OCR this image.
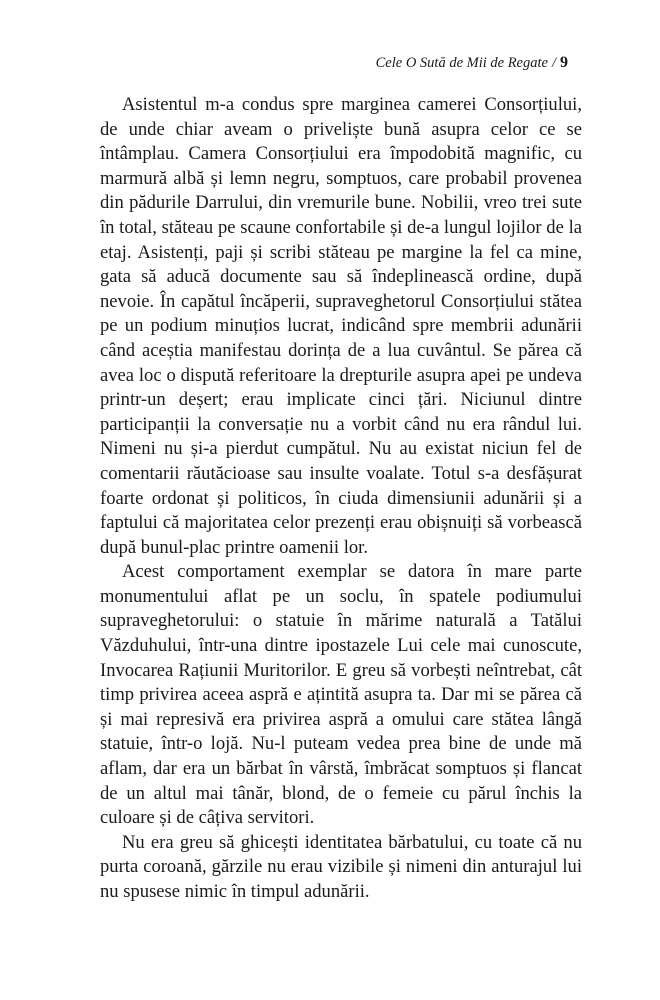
Cele O Sută de Mii de Regate / 9

Asistentul m-a condus spre marginea camerei Consorțiului, de unde chiar aveam o priveliște bună asupra celor ce se întâmplau. Camera Consorțiului era împodobită magnific, cu marmură albă și lemn negru, somptuos, care probabil provenea din pădurile Darrului, din vremurile bune. Nobilii, vreo trei sute în total, stăteau pe scaune confortabile și de-a lungul lojilor de la etaj. Asistenți, paji și scribi stăteau pe margine la fel ca mine, gata să aducă documente sau să îndeplinească ordine, după nevoie. În capătul încăperii, supraveghetorul Consorțiului stătea pe un podium minuțios lucrat, indicând spre membrii adunării când aceștia manifestau dorința de a lua cuvântul. Se părea că avea loc o dispută referitoare la drepturile asupra apei pe undeva printr-un deșert; erau implicate cinci țări. Niciunul dintre participanții la conversație nu a vorbit când nu era rândul lui. Nimeni nu și-a pierdut cumpătul. Nu au existat niciun fel de comentarii răutăcioase sau insulte voalate. Totul s-a desfășurat foarte ordonat și politicos, în ciuda dimensiunii adunării și a faptului că majoritatea celor prezenți erau obișnuiți să vorbească după bunul-plac printre oamenii lor.

Acest comportament exemplar se datora în mare parte monumentului aflat pe un soclu, în spatele podiumului supraveghetorului: o statuie în mărime naturală a Tatălui Văzduhului, într-una dintre ipostazele Lui cele mai cunoscute, Invocarea Rațiunii Muritorilor. E greu să vorbești neîntrebat, cât timp privirea aceea aspră e ațintită asupra ta. Dar mi se părea că și mai represivă era privirea aspră a omului care stătea lângă statuie, într-o lojă. Nu-l puteam vedea prea bine de unde mă aflam, dar era un bărbat în vârstă, îmbrăcat somptuos și flancat de un altul mai tânăr, blond, de o femeie cu părul închis la culoare și de câțiva servitori.

Nu era greu să ghicești identitatea bărbatului, cu toate că nu purta coroană, gărzile nu erau vizibile și nimeni din anturajul lui nu spusese nimic în timpul adunării.
